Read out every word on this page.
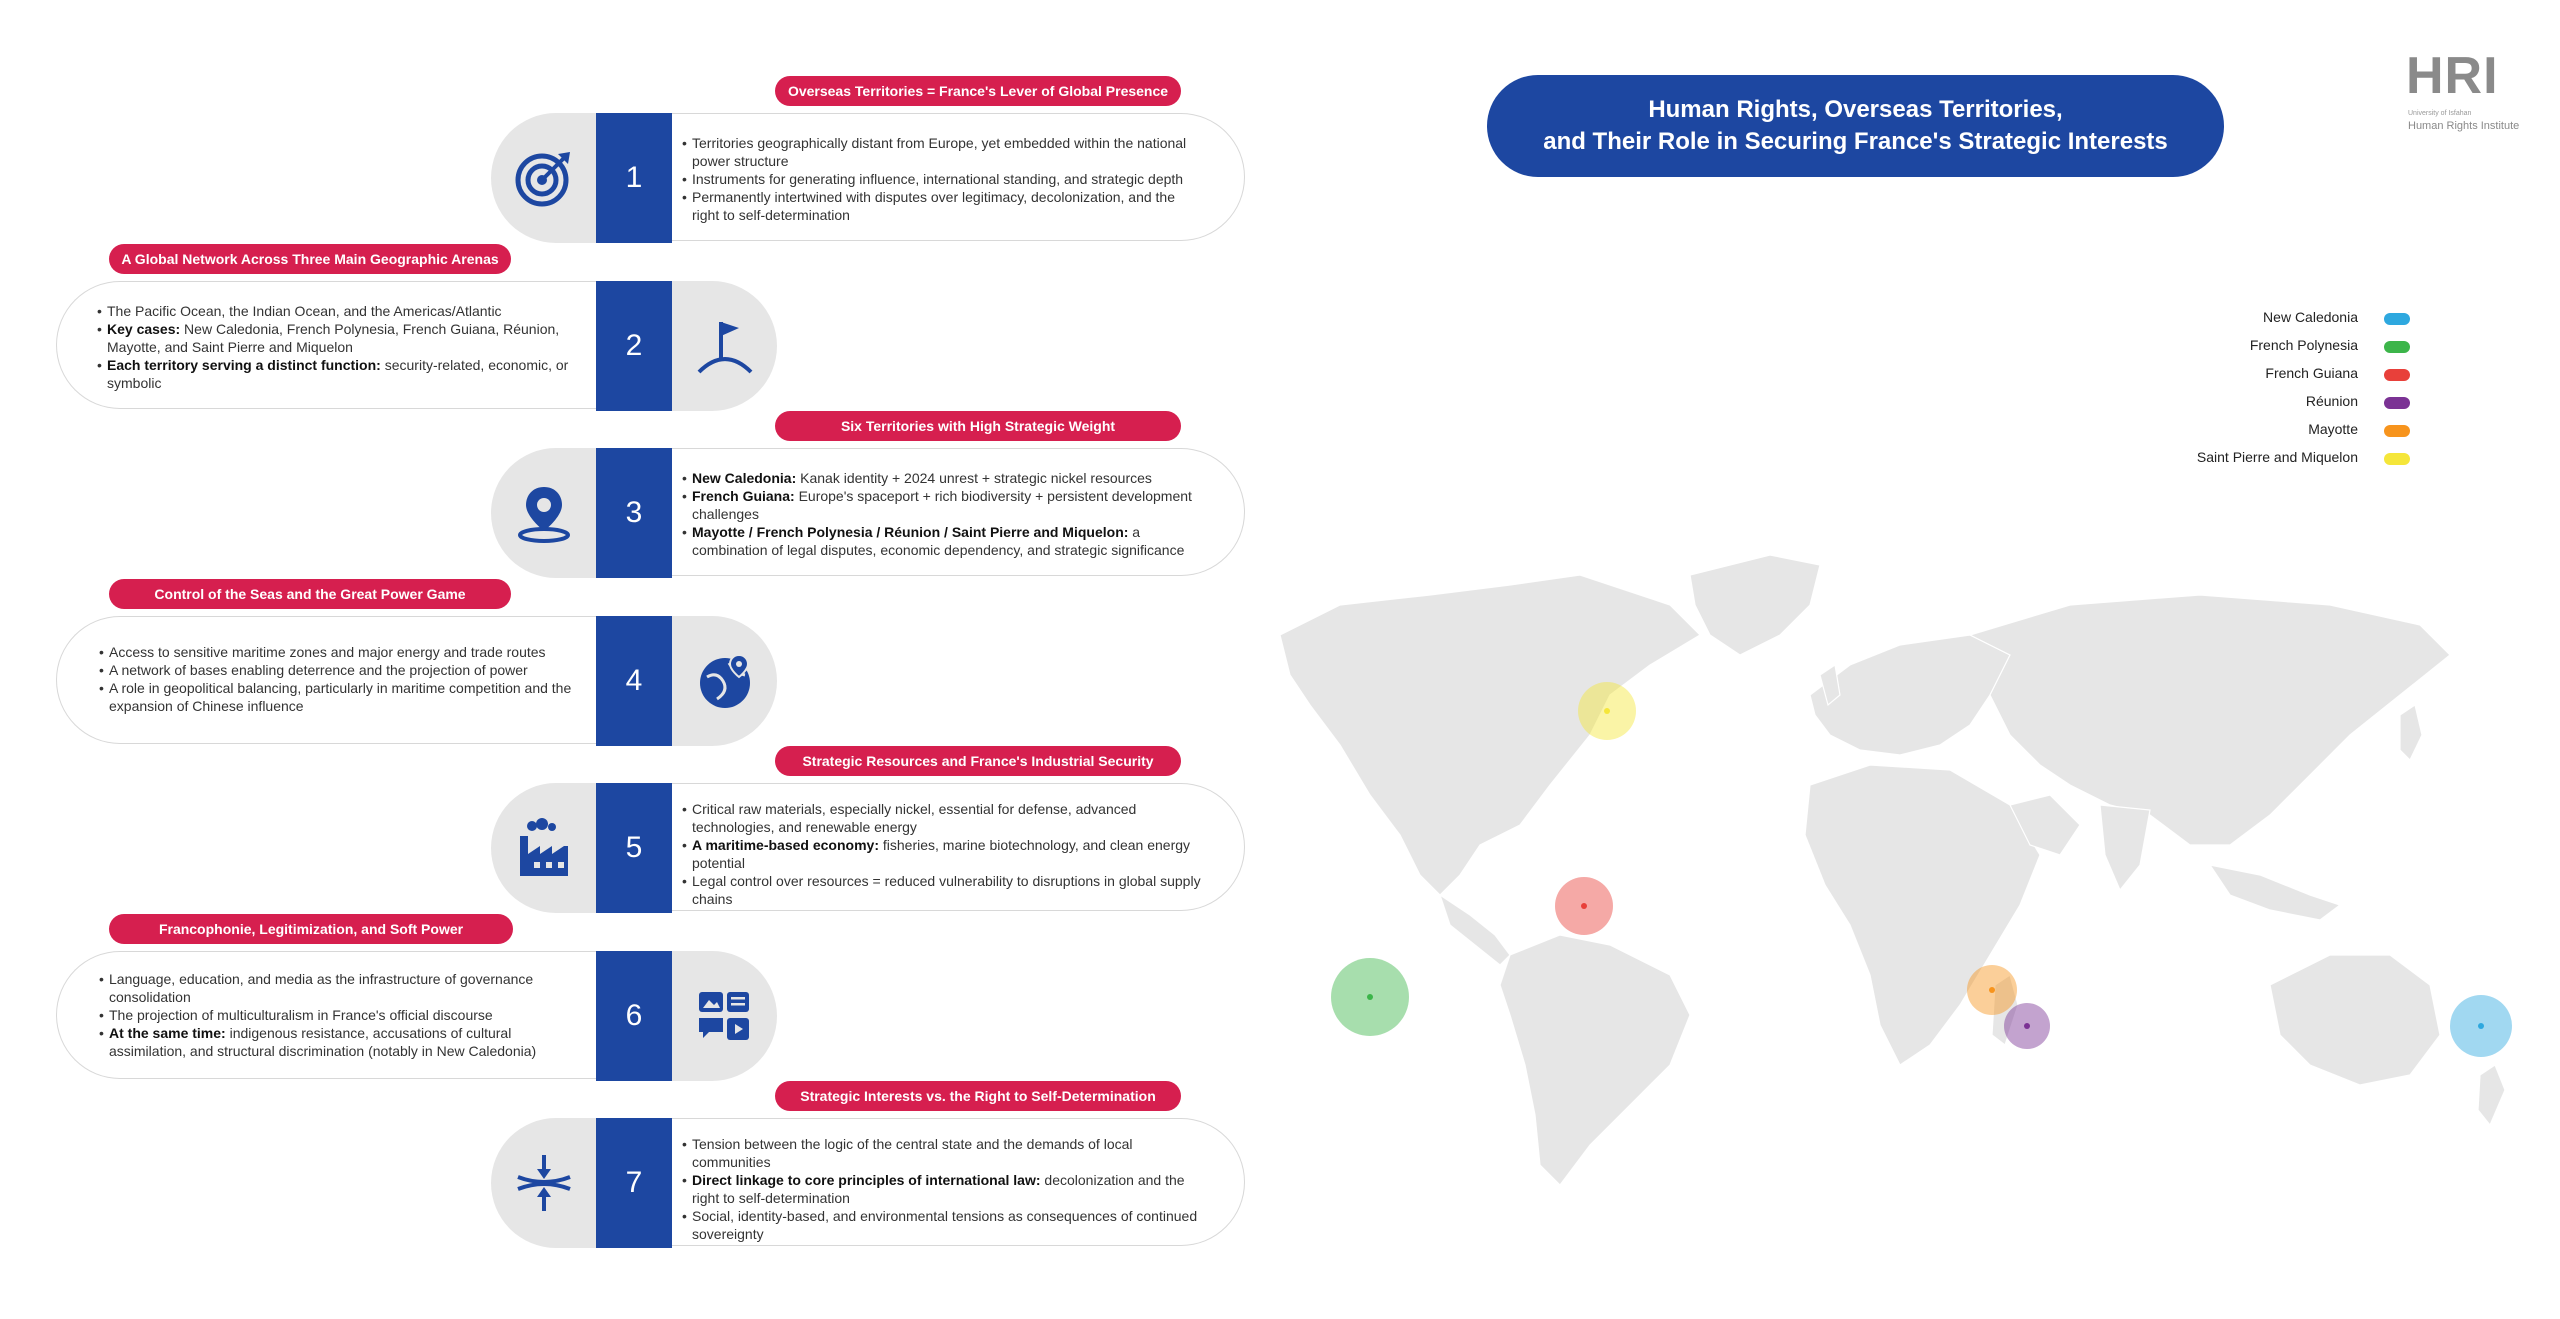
Human Rights, Overseas Territories,
and Their Role in Securing France's Strategic Interests
HRI
University of Isfahan
Human Rights Institute
Overseas Territories = France's Lever of Global Presence
1
• Territories geographically distant from Europe, yet embedded within the national power structure
• Instruments for generating influence, international standing, and strategic depth
• Permanently intertwined with disputes over legitimacy, decolonization, and the right to self-determination
A Global Network Across Three Main Geographic Arenas
• The Pacific Ocean, the Indian Ocean, and the Americas/Atlantic
• Key cases: New Caledonia, French Polynesia, French Guiana, Réunion, Mayotte, and Saint Pierre and Miquelon
• Each territory serving a distinct function: security-related, economic, or symbolic
2
Six Territories with High Strategic Weight
3
• New Caledonia: Kanak identity + 2024 unrest + strategic nickel resources
• French Guiana: Europe's spaceport + rich biodiversity + persistent development challenges
• Mayotte / French Polynesia / Réunion / Saint Pierre and Miquelon: a combination of legal disputes, economic dependency, and strategic significance
Control of the Seas and the Great Power Game
• Access to sensitive maritime zones and major energy and trade routes
• A network of bases enabling deterrence and the projection of power
• A role in geopolitical balancing, particularly in maritime competition and the expansion of Chinese influence
4
Strategic Resources and France's Industrial Security
5
• Critical raw materials, especially nickel, essential for defense, advanced technologies, and renewable energy
• A maritime-based economy: fisheries, marine biotechnology, and clean energy potential
• Legal control over resources = reduced vulnerability to disruptions in global supply chains
Francophonie, Legitimization, and Soft Power
• Language, education, and media as the infrastructure of governance consolidation
• The projection of multiculturalism in France's official discourse
• At the same time: indigenous resistance, accusations of cultural assimilation, and structural discrimination (notably in New Caledonia)
6
Strategic Interests vs. the Right to Self-Determination
7
• Tension between the logic of the central state and the demands of local communities
• Direct linkage to core principles of international law: decolonization and the right to self-determination
• Social, identity-based, and environmental tensions as consequences of continued sovereignty
New Caledonia
French Polynesia
French Guiana
Réunion
Mayotte
Saint Pierre and Miquelon
